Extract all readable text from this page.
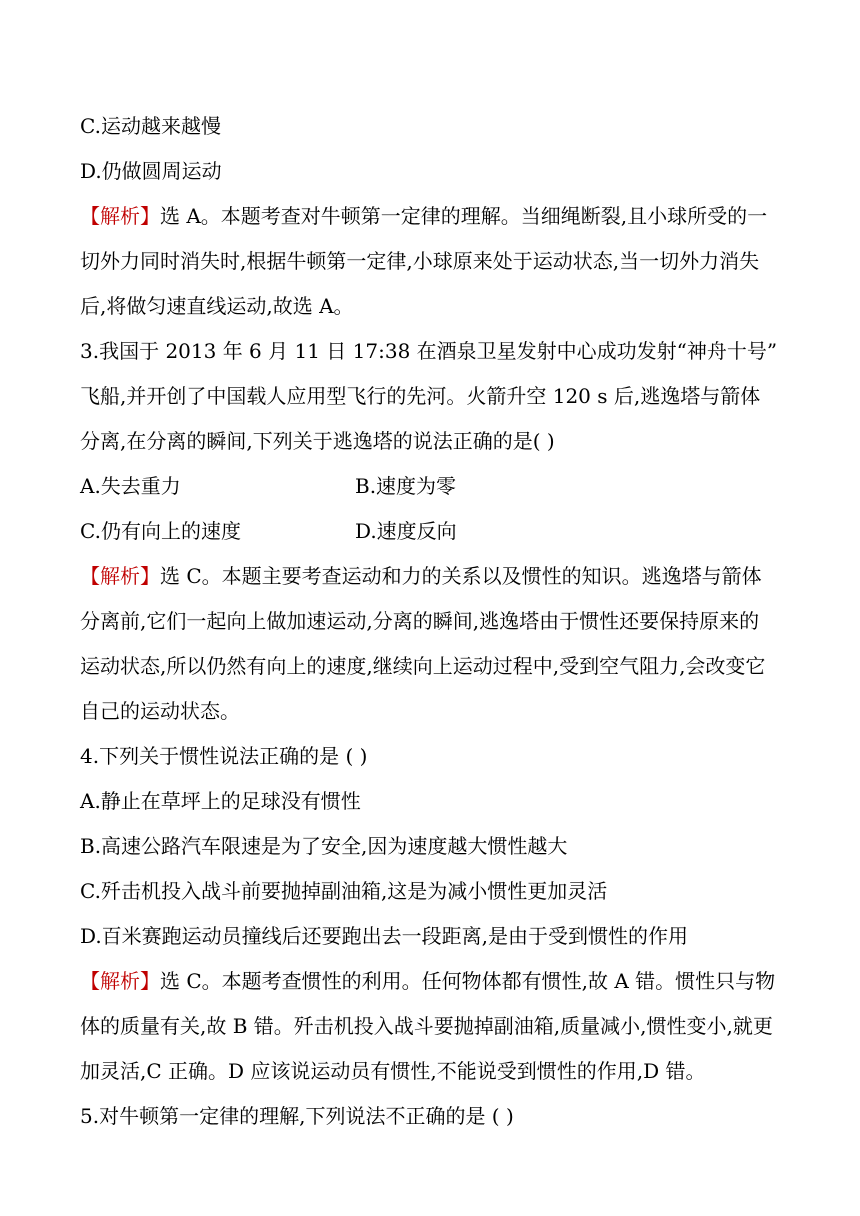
C.运动越来越慢
D.仍做圆周运动
【解析】选 A。本题考查对牛顿第一定律的理解。当细绳断裂,且小球所受的一
切外力同时消失时,根据牛顿第一定律,小球原来处于运动状态,当一切外力消失
后,将做匀速直线运动,故选 A。
3.我国于 2013 年 6 月 11 日 17:38 在酒泉卫星发射中心成功发射“神舟十号”
飞船,并开创了中国载人应用型飞行的先河。火箭升空 120 s 后,逃逸塔与箭体
分离,在分离的瞬间,下列关于逃逸塔的说法正确的是( )
A.失去重力	B.速度为零
C.仍有向上的速度	D.速度反向
【解析】选 C。本题主要考查运动和力的关系以及惯性的知识。逃逸塔与箭体
分离前,它们一起向上做加速运动,分离的瞬间,逃逸塔由于惯性还要保持原来的
运动状态,所以仍然有向上的速度,继续向上运动过程中,受到空气阻力,会改变它
自己的运动状态。
4.下列关于惯性说法正确的是 ( )
A.静止在草坪上的足球没有惯性
B.高速公路汽车限速是为了安全,因为速度越大惯性越大
C.歼击机投入战斗前要抛掉副油箱,这是为减小惯性更加灵活
D.百米赛跑运动员撞线后还要跑出去一段距离,是由于受到惯性的作用
【解析】选 C。本题考查惯性的利用。任何物体都有惯性,故 A 错。惯性只与物
体的质量有关,故 B 错。歼击机投入战斗要抛掉副油箱,质量减小,惯性变小,就更
加灵活,C 正确。D 应该说运动员有惯性,不能说受到惯性的作用,D 错。
5.对牛顿第一定律的理解,下列说法不正确的是 ( )
